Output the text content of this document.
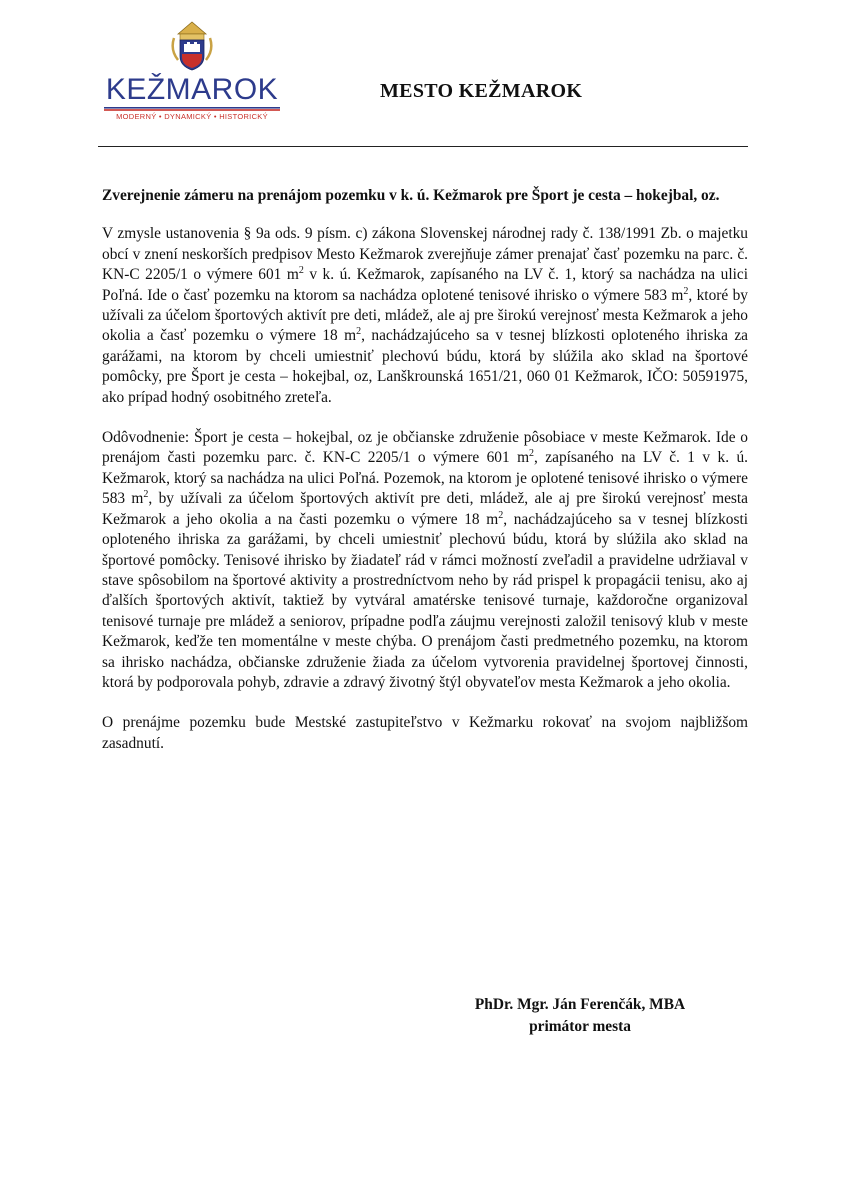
KEŽMAROK
MODERNÝ • DYNAMICKÝ • HISTORICKÝ
MESTO KEŽMAROK

Zverejnenie zámeru na prenájom pozemku v k. ú. Kežmarok pre Šport je cesta – hokejbal, oz.

V zmysle ustanovenia § 9a ods. 9 písm. c) zákona Slovenskej národnej rady č. 138/1991 Zb. o majetku obcí v znení neskorších predpisov Mesto Kežmarok zverejňuje zámer prenajať časť pozemku na parc. č. KN-C 2205/1 o výmere 601 $m^2$ v k. ú. Kežmarok, zapísaného na LV č. 1, ktorý sa nachádza na ulici Poľná. Ide o časť pozemku na ktorom sa nachádza oplotené tenisové ihrisko o výmere 583 $m^2$, ktoré by užívali za účelom športových aktivít pre deti, mládež, ale aj pre širokú verejnosť mesta Kežmarok a jeho okolia a časť pozemku o výmere 18 $m^2$, nachádzajúceho sa v tesnej blízkosti oploteného ihriska za garážami, na ktorom by chceli umiestniť plechovú búdu, ktorá by slúžila ako sklad na športové pomôcky, pre Šport je cesta – hokejbal, oz, Lanškrounská 1651/21, 060 01 Kežmarok, IČO: 50591975, ako prípad hodný osobitného zreteľa.

Odôvodnenie: Šport je cesta – hokejbal, oz je občianske združenie pôsobiace v meste Kežmarok. Ide o prenájom časti pozemku parc. č. KN-C 2205/1 o výmere 601 $m^2$, zapísaného na LV č. 1 v k. ú. Kežmarok, ktorý sa nachádza na ulici Poľná. Pozemok, na ktorom je oplotené tenisové ihrisko o výmere 583 $m^2$, by užívali za účelom športových aktivít pre deti, mládež, ale aj pre širokú verejnosť mesta Kežmarok a jeho okolia a na časti pozemku o výmere 18 $m^2$, nachádzajúceho sa v tesnej blízkosti oploteného ihriska za garážami, by chceli umiestniť plechovú búdu, ktorá by slúžila ako sklad na športové pomôcky. Tenisové ihrisko by žiadateľ rád v rámci možností zveľadil a pravidelne udržiaval v stave spôsobilom na športové aktivity a prostredníctvom neho by rád prispel k propagácii tenisu, ako aj ďalších športových aktivít, taktiež by vytváral amatérske tenisové turnaje, každoročne organizoval tenisové turnaje pre mládež a seniorov, prípadne podľa záujmu verejnosti založil tenisový klub v meste Kežmarok, keďže ten momentálne v meste chýba. O prenájom časti predmetného pozemku, na ktorom sa ihrisko nachádza, občianske združenie žiada za účelom vytvorenia pravidelnej športovej činnosti, ktorá by podporovala pohyb, zdravie a zdravý životný štýl obyvateľov mesta Kežmarok a jeho okolia.

O prenájme pozemku bude Mestské zastupiteľstvo v Kežmarku rokovať na svojom najbližšom zasadnutí.

PhDr. Mgr. Ján Ferenčák, MBA
primátor mesta
